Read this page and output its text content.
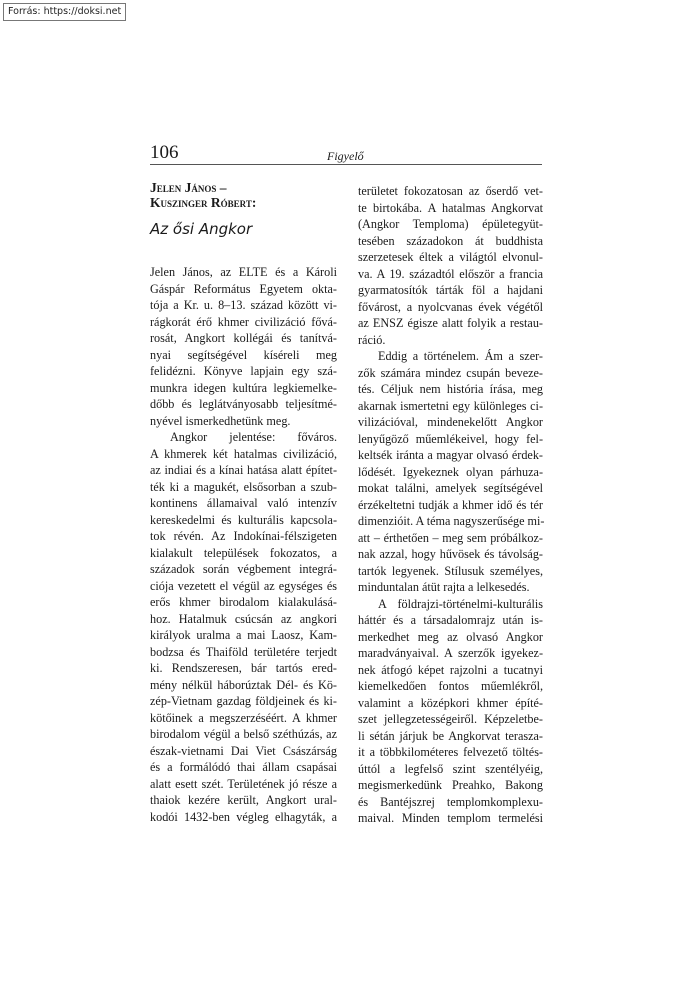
Forrás: https://doksi.net
106	Figyelő
Jelen János –
Kuszinger Róbert:
Az ősi Angkor
Jelen János, az ELTE és a Károli
Gáspár Református Egyetem okta-
tója a Kr. u. 8–13. század között vi-
rágkorát érő khmer civilizáció fővá-
rosát, Angkort kollégái és tanítvá-
nyai segítségével kíséreli meg
felidézni. Könyve lapjain egy szá-
munkra idegen kultúra legkiemelke-
dőbb és leglátványosabb teljesítmé-
nyével ismerkedhetünk meg.
Angkor jelentése: főváros.
A khmerek két hatalmas civilizáció,
az indiai és a kínai hatása alatt építet-
ték ki a magukét, elsősorban a szub-
kontinens államaival való intenzív
kereskedelmi és kulturális kapcsola-
tok révén. Az Indokínai-félszigeten
kialakult települések fokozatos, a
századok során végbement integrá-
ciója vezetett el végül az egységes és
erős khmer birodalom kialakulásá-
hoz. Hatalmuk csúcsán az angkori
királyok uralma a mai Laosz, Kam-
bodzsa és Thaiföld területére terjedt
ki. Rendszeresen, bár tartós ered-
mény nélkül háborúztak Dél- és Kö-
zép-Vietnam gazdag földjeinek és ki-
kötőinek a megszerzéséért. A khmer
birodalom végül a belső széthúzás, az
észak-vietnami Dai Viet Császárság
és a formálódó thai állam csapásai
alatt esett szét. Területének jó része a
thaiok kezére került, Angkort ural-
kodói 1432-ben végleg elhagyták, a
területet fokozatosan az őserdő vet-
te birtokába. A hatalmas Angkorvat
(Angkor Temploma) épületegyüt-
tesében századokon át buddhista
szerzetesek éltek a világtól elvonul-
va. A 19. századtól először a francia
gyarmatosítók tárták föl a hajdani
fővárost, a nyolcvanas évek végétől
az ENSZ égisze alatt folyik a restau-
ráció.
Eddig a történelem. Ám a szer-
zők számára mindez csupán beveze-
tés. Céljuk nem história írása, meg
akarnak ismertetni egy különleges ci-
vilizációval, mindenekelőtt Angkor
lenyűgöző műemlékeivel, hogy fel-
keltsék iránta a magyar olvasó érdek-
lődését. Igyekeznek olyan párhuza-
mokat találni, amelyek segítségével
érzékeltetni tudják a khmer idő és tér
dimenzióit. A téma nagyszerűsége mi-
att – érthetően – meg sem próbálkoz-
nak azzal, hogy hűvösek és távolság-
tartók legyenek. Stílusuk személyes,
minduntalan átüt rajta a lelkesedés.
A földrajzi-történelmi-kulturális
háttér és a társadalomrajz után is-
merkedhet meg az olvasó Angkor
maradványaival. A szerzők igyekez-
nek átfogó képet rajzolni a tucatnyi
kiemelkedően fontos műemlékről,
valamint a középkori khmer építé-
szet jellegzetességeiről. Képzeletbe-
li sétán járjuk be Angkorvat terasza-
it a többkilométeres felvezető töltés-
úttól a legfelső szint szentélyéig,
megismerkedünk Preahko, Bakong
és Bantéjszrej templomkomplexu-
maival. Minden templom termelési
